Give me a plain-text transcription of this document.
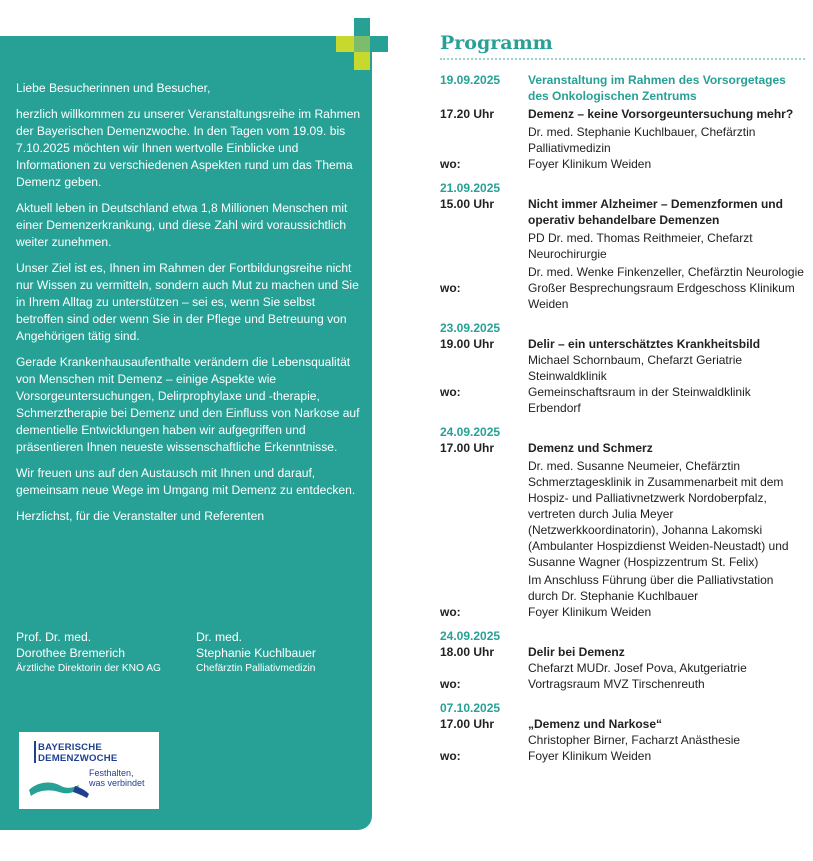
Liebe Besucherinnen und Besucher,

herzlich willkommen zu unserer Veranstaltungsreihe im Rahmen der Bayerischen Demenzwoche. In den Tagen vom 19.09. bis 7.10.2025 möchten wir Ihnen wertvolle Einblicke und Informationen zu verschiedenen Aspekten rund um das Thema Demenz geben.

Aktuell leben in Deutschland etwa 1,8 Millionen Menschen mit einer Demenzerkrankung, und diese Zahl wird voraussichtlich weiter zunehmen.

Unser Ziel ist es, Ihnen im Rahmen der Fortbildungsreihe nicht nur Wissen zu vermitteln, sondern auch Mut zu machen und Sie in Ihrem Alltag zu unterstützen – sei es, wenn Sie selbst betroffen sind oder wenn Sie in der Pflege und Betreuung von Angehörigen tätig sind.

Gerade Krankenhausaufenthalte verändern die Lebensqualität von Menschen mit Demenz – einige Aspekte wie Vorsorgeuntersuchungen, Delirprophylaxe und -therapie, Schmerztherapie bei Demenz und den Einfluss von Narkose auf dementielle Entwicklungen haben wir aufgegriffen und präsentieren Ihnen neueste wissenschaftliche Erkenntnisse.

Wir freuen uns auf den Austausch mit Ihnen und darauf, gemeinsam neue Wege im Umgang mit Demenz zu entdecken.

Herzlichst, für die Veranstalter und Referenten

Prof. Dr. med.
Dorothee Bremerich
Ärztliche Direktorin der KNO AG
Dr. med.
Stephanie Kuchlbauer
Chefärztin Palliativmedizin
BAYERISCHE
DEMENZWOCHE
Festhalten,
was verbindet
Programm
19.09.2025	Veranstaltung im Rahmen des Vorsorgetages des Onkologischen Zentrums
17.20 Uhr	Demenz – keine Vorsorgeuntersuchung mehr?
Dr. med. Stephanie Kuchlbauer, Chefärztin Palliativmedizin
wo:	Foyer Klinikum Weiden
21.09.2025
15.00 Uhr	Nicht immer Alzheimer – Demenzformen und operativ behandelbare Demenzen
PD Dr. med. Thomas Reithmeier, Chefarzt Neurochirurgie
Dr. med. Wenke Finkenzeller, Chefärztin Neurologie
wo:	Großer Besprechungsraum Erdgeschoss Klinikum Weiden
23.09.2025
19.00 Uhr	Delir – ein unterschätztes Krankheitsbild
Michael Schornbaum, Chefarzt Geriatrie Steinwaldklinik
wo:	Gemeinschaftsraum in der Steinwaldklinik Erbendorf
24.09.2025
17.00 Uhr	Demenz und Schmerz
Dr. med. Susanne Neumeier, Chefärztin Schmerztagesklinik in Zusammenarbeit mit dem Hospiz- und Palliativnetzwerk Nordoberpfalz, vertreten durch Julia Meyer (Netzwerkkoordinatorin), Johanna Lakomski (Ambulanter Hospizdienst Weiden-Neustadt) und Susanne Wagner (Hospizzentrum St. Felix)
Im Anschluss Führung über die Palliativstation durch Dr. Stephanie Kuchlbauer
wo:	Foyer Klinikum Weiden
24.09.2025
18.00 Uhr	Delir bei Demenz
Chefarzt MUDr. Josef Pova, Akutgeriatrie
wo:	Vortragsraum MVZ Tirschenreuth
07.10.2025
17.00 Uhr	„Demenz und Narkose“
Christopher Birner, Facharzt Anästhesie
wo:	Foyer Klinikum Weiden
